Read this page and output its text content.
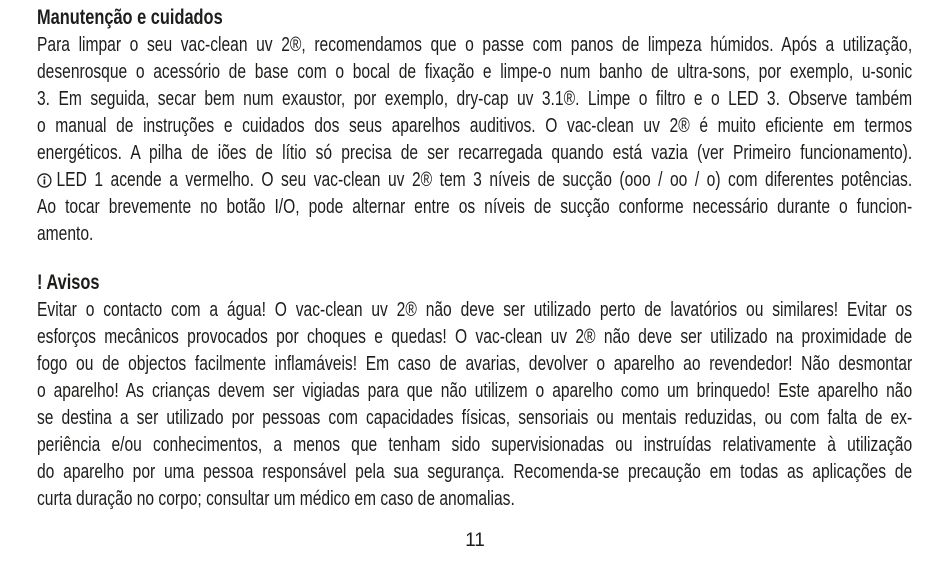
Manutenção e cuidados
Para limpar o seu vac-clean uv 2®, recomendamos que o passe com panos de limpeza húmidos. Após a utilização,
desenrosque o acessório de base com o bocal de fixação e limpe-o num banho de ultra-sons, por exemplo, u-sonic
3. Em seguida, secar bem num exaustor, por exemplo, dry-cap uv 3.1®. Limpe o filtro e o LED 3. Observe também
o manual de instruções e cuidados dos seus aparelhos auditivos. O vac-clean uv 2® é muito eficiente em termos
energéticos. A pilha de iões de lítio só precisa de ser recarregada quando está vazia (ver Primeiro funcionamento).
LED 1 acende a vermelho. O seu vac-clean uv 2® tem 3 níveis de sucção (ooo / oo / o) com diferentes potências.
Ao tocar brevemente no botão I/O, pode alternar entre os níveis de sucção conforme necessário durante o funcion-
amento.
! Avisos
Evitar o contacto com a água! O vac-clean uv 2® não deve ser utilizado perto de lavatórios ou similares! Evitar os
esforços mecânicos provocados por choques e quedas! O vac-clean uv 2® não deve ser utilizado na proximidade de
fogo ou de objectos facilmente inflamáveis! Em caso de avarias, devolver o aparelho ao revendedor! Não desmontar
o aparelho! As crianças devem ser vigiadas para que não utilizem o aparelho como um brinquedo! Este aparelho não
se destina a ser utilizado por pessoas com capacidades físicas, sensoriais ou mentais reduzidas, ou com falta de ex-
periência e/ou conhecimentos, a menos que tenham sido supervisionadas ou instruídas relativamente à utilização
do aparelho por uma pessoa responsável pela sua segurança. Recomenda-se precaução em todas as aplicações de
curta duração no corpo; consultar um médico em caso de anomalias.
11
